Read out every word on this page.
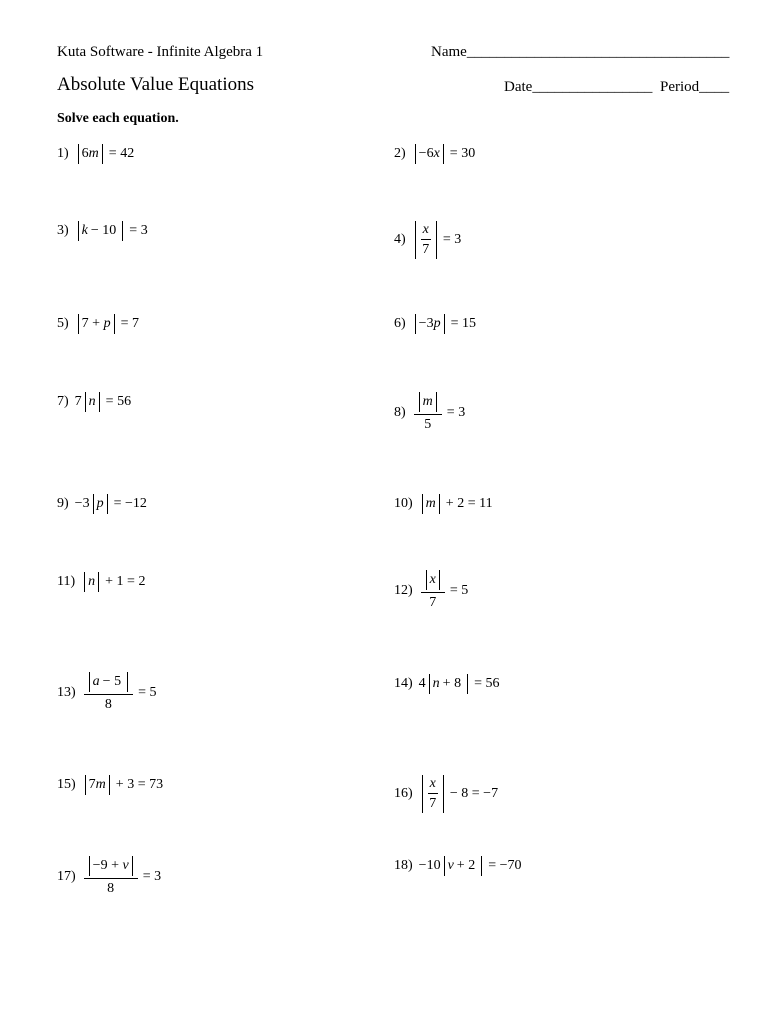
Kuta Software - Infinite Algebra 1	Name___________________________________
Absolute Value Equations	Date________________ Period____
Solve each equation.
1) 6 m = 42	2) −6 x = 30
3) k − 10 = 3
$4) \frac{x}{7} = 3$
5) 7 +
p = 7	6) −3 p = 15
7) 7 n = 56
$8) \frac{m}{5} = 3$
9) −3 p = −12	10) m + 2 = 11
11) n + 1 = 2
$12) \frac{x}{7} = 5$
$13) \frac{a - 5}{8} = 5$
14) 4 n + 8 = 56
15) 7 m + 3 = 73
$16) \frac{x}{7} - 8 = -7$
17) −9 +
v
8 = 3
18) −10 v + 2 = −70
